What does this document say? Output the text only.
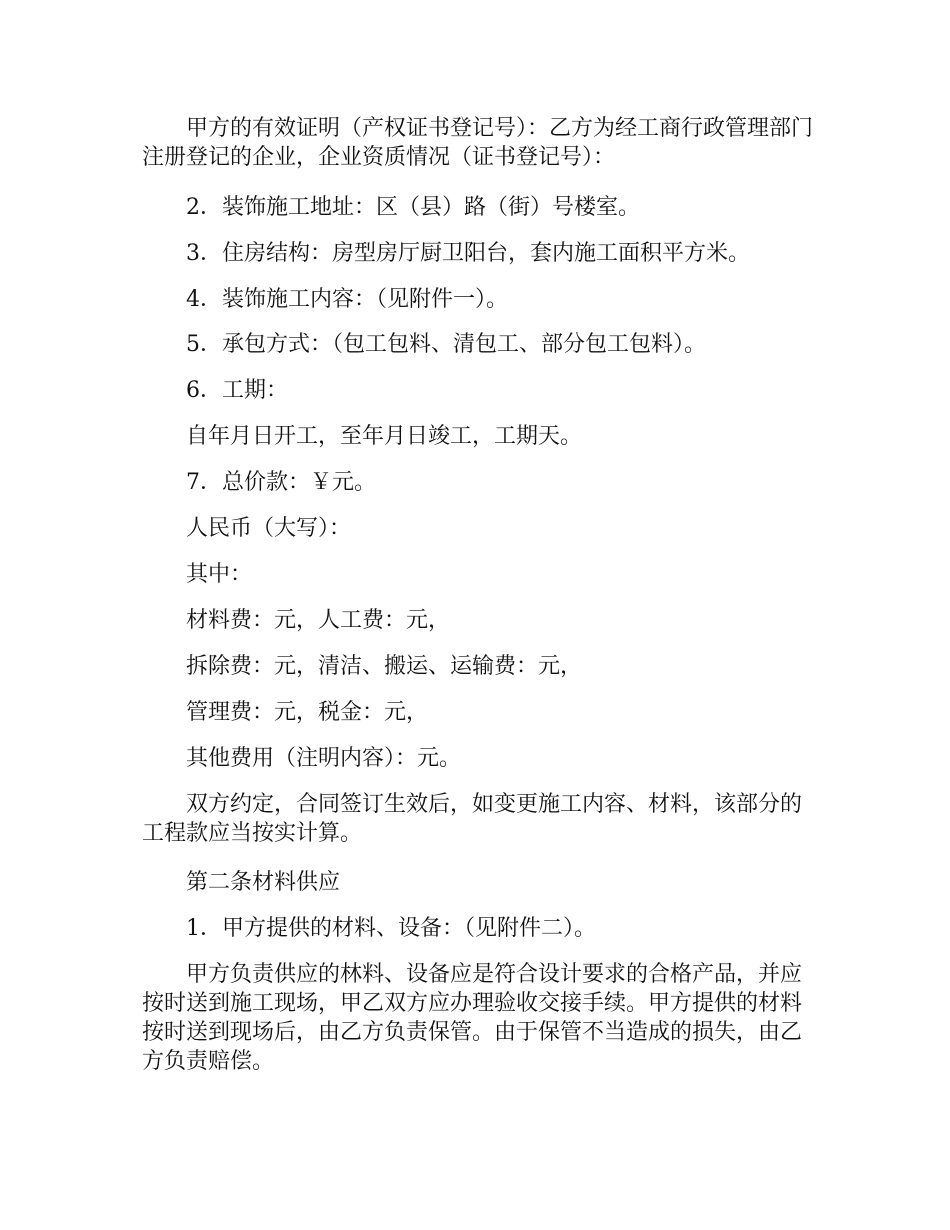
甲方的有效证明（产权证书登记号）：乙方为经工商行政管理部门注册登记的企业，企业资质情况（证书登记号）：

2．装饰施工地址：区（县）路（街）号楼室。

3．住房结构：房型房厅厨卫阳台，套内施工面积平方米。

4．装饰施工内容：（见附件一）。

5．承包方式：（包工包料、清包工、部分包工包料）。

6．工期：

自年月日开工，至年月日竣工，工期天。

7．总价款：￥元。

人民币（大写）：

其中：

材料费：元，人工费：元，

拆除费：元，清洁、搬运、运输费：元，

管理费：元，税金：元，

其他费用（注明内容）：元。

双方约定，合同签订生效后，如变更施工内容、材料，该部分的工程款应当按实计算。

第二条材料供应

1．甲方提供的材料、设备：（见附件二）。

甲方负责供应的林料、设备应是符合设计要求的合格产品，并应按时送到施工现场，甲乙双方应办理验收交接手续。甲方提供的材料按时送到现场后，由乙方负责保管。由于保管不当造成的损失，由乙方负责赔偿。
